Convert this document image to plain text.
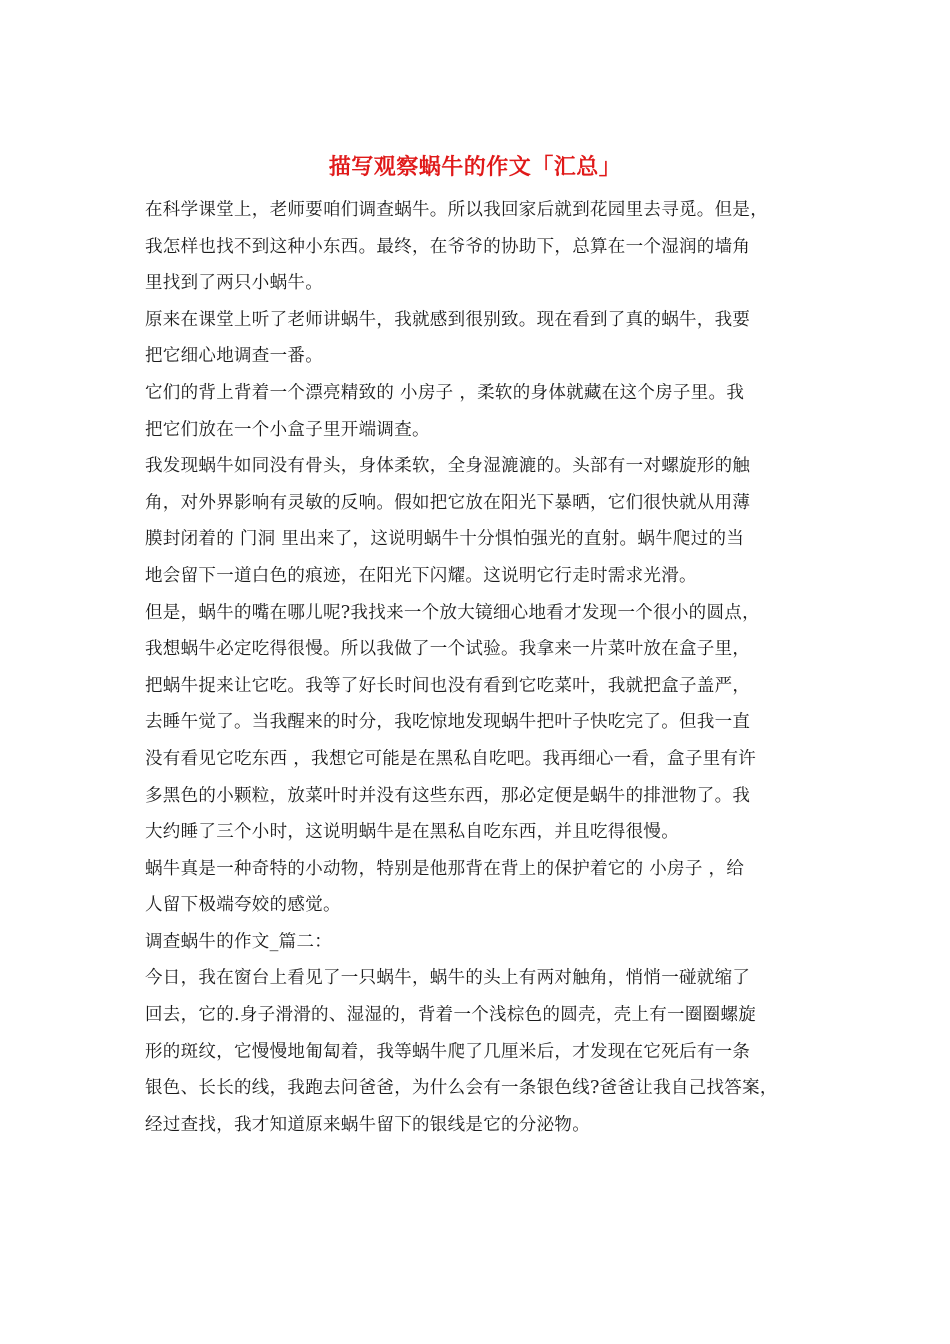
描写观察蜗牛的作文「汇总」
在科学课堂上，老师要咱们调查蜗牛。所以我回家后就到花园里去寻觅。但是，
我怎样也找不到这种小东西。最终，在爷爷的协助下，总算在一个湿润的墙角
里找到了两只小蜗牛。
原来在课堂上听了老师讲蜗牛，我就感到很别致。现在看到了真的蜗牛，我要
把它细心地调查一番。
它们的背上背着一个漂亮精致的 小房子 ，柔软的身体就藏在这个房子里。我
把它们放在一个小盒子里开端调查。
我发现蜗牛如同没有骨头，身体柔软，全身湿漉漉的。头部有一对螺旋形的触
角，对外界影响有灵敏的反响。假如把它放在阳光下暴晒，它们很快就从用薄
膜封闭着的 门洞 里出来了，这说明蜗牛十分惧怕强光的直射。蜗牛爬过的当
地会留下一道白色的痕迹，在阳光下闪耀。这说明它行走时需求光滑。
但是，蜗牛的嘴在哪儿呢?我找来一个放大镜细心地看才发现一个很小的圆点，
我想蜗牛必定吃得很慢。所以我做了一个试验。我拿来一片菜叶放在盒子里，
把蜗牛捉来让它吃。我等了好长时间也没有看到它吃菜叶，我就把盒子盖严，
去睡午觉了。当我醒来的时分，我吃惊地发现蜗牛把叶子快吃完了。但我一直
没有看见它吃东西 ，我想它可能是在黑私自吃吧。我再细心一看，盒子里有许
多黑色的小颗粒，放菜叶时并没有这些东西，那必定便是蜗牛的排泄物了。我
大约睡了三个小时，这说明蜗牛是在黑私自吃东西，并且吃得很慢。
蜗牛真是一种奇特的小动物，特别是他那背在背上的保护着它的 小房子 ，给
人留下极端夸姣的感觉。
调查蜗牛的作文_篇二：
今日，我在窗台上看见了一只蜗牛，蜗牛的头上有两对触角，悄悄一碰就缩了
回去，它的.身子滑滑的、湿湿的，背着一个浅棕色的圆壳，壳上有一圈圈螺旋
形的斑纹，它慢慢地匍匐着，我等蜗牛爬了几厘米后，才发现在它死后有一条
银色、长长的线，我跑去问爸爸，为什么会有一条银色线?爸爸让我自己找答案，
经过查找，我才知道原来蜗牛留下的银线是它的分泌物。
